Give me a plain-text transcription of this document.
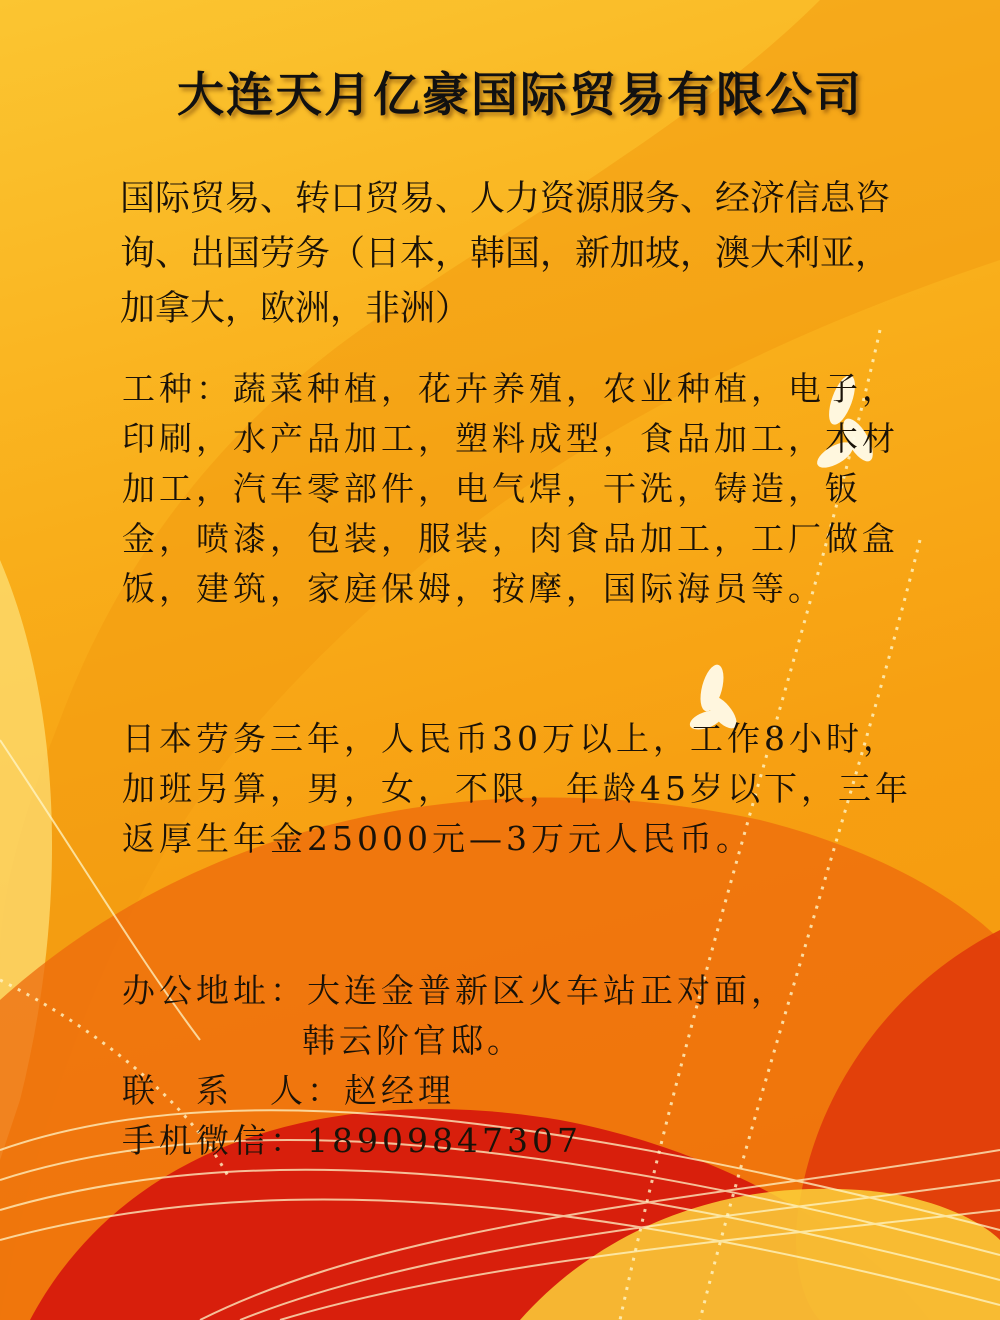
大连天月亿豪国际贸易有限公司
国际贸易、转口贸易、人力资源服务、经济信息咨询、出国劳务（日本，韩国，新加坡，澳大利亚，加拿大，欧洲，非洲）
工种：蔬菜种植，花卉养殖，农业种植，电子，印刷，水产品加工，塑料成型，食品加工，木材加工，汽车零部件，电气焊，干洗，铸造，钣金，喷漆，包装，服装，肉食品加工，工厂做盒饭，建筑，家庭保姆，按摩，国际海员等。
日本劳务三年，人民币30万以上，工作8小时，加班另算，男，女，不限，年龄45岁以下，三年返厚生年金25000元—3万元人民币。
办公地址：大连金普新区火车站正对面，
韩云阶官邸。
联　系　人：赵经理
手机微信：18909847307
